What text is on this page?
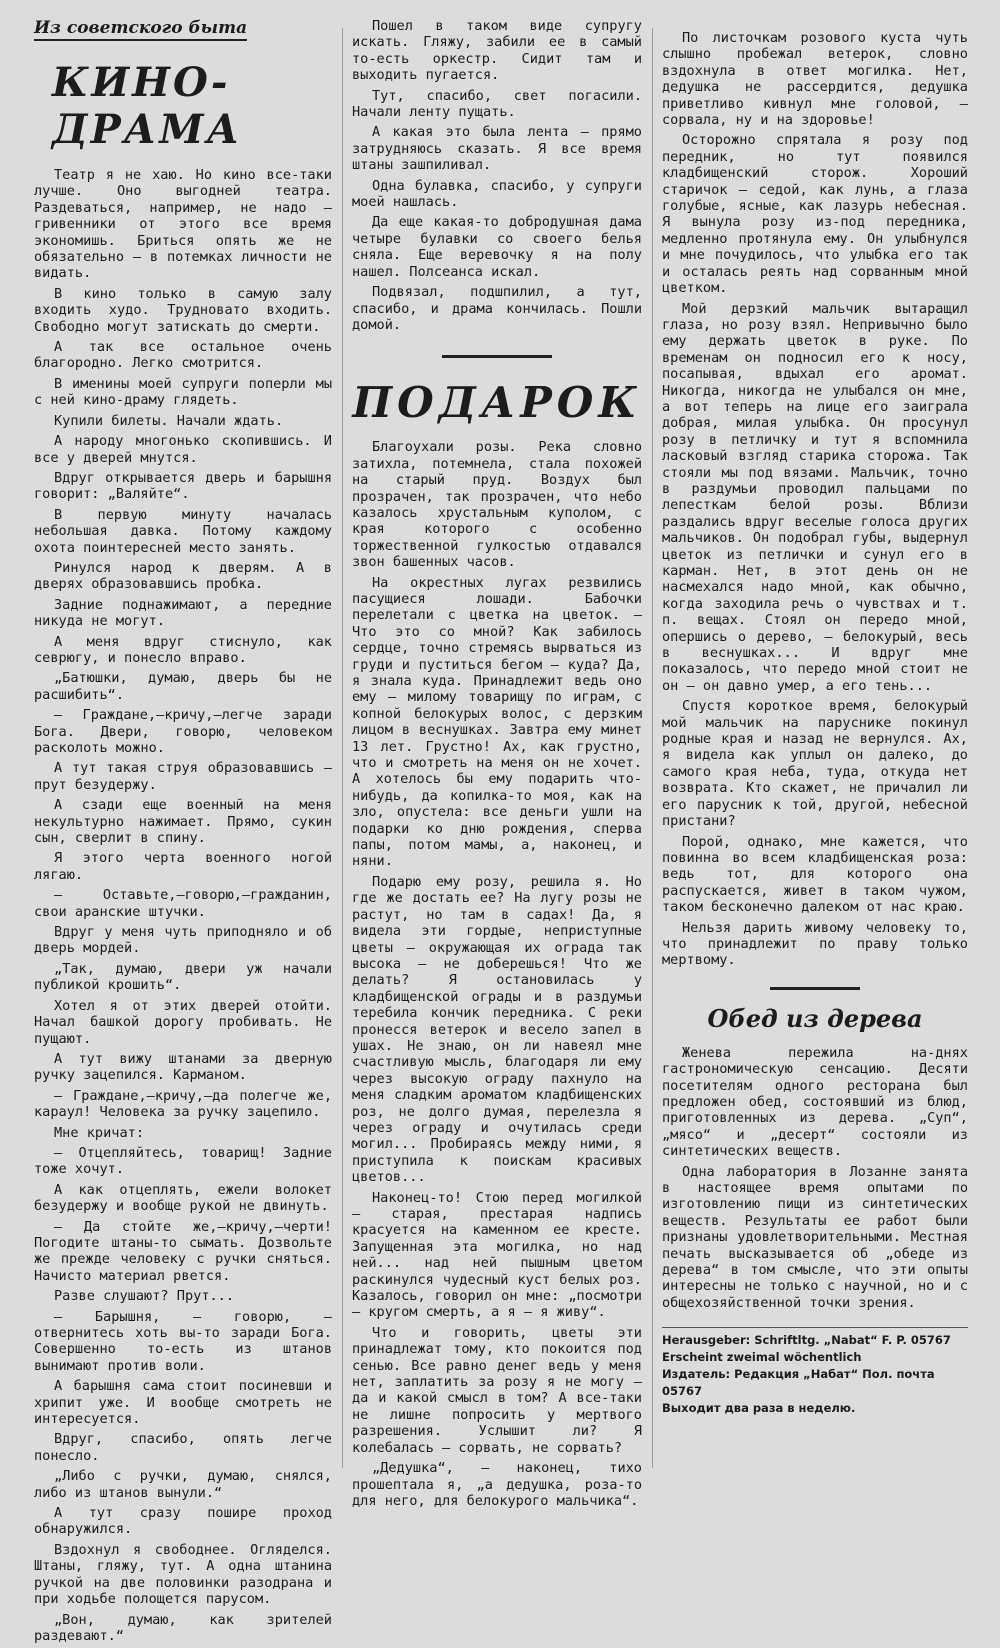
Из советского быта
КИНО-ДРАМА

Театр я не хаю. Но кино все-таки лучше. Оно выгодней театра. Раздеваться, например, не надо — гривенники от этого все время экономишь. Бриться опять же не обязательно — в потемках личности не видать.

В кино только в самую залу входить худо. Трудновато входить. Свободно могут затискать до смерти.

А так все остальное очень благородно. Легко смотрится.

В именины моей супруги поперли мы с ней кино-драму глядеть.

Купили билеты. Начали ждать.

А народу многонько скопившись. И все у дверей мнутся.

Вдруг открывается дверь и барышня говорит: „Валяйте“.

В первую минуту началась небольшая давка. Потому каждому охота поинтересней место занять.

Ринулся народ к дверям. А в дверях образовавшись пробка.

Задние поднажимают, а передние никуда не могут.

А меня вдруг стиснуло, как севрюгу, и понесло вправо.

„Батюшки, думаю, дверь бы не расшибить“.

— Граждане,—кричу,—легче заради Бога. Двери, говорю, человеком расколоть можно.

А тут такая струя образовавшись — прут безудержу.

А сзади еще военный на меня некультурно нажимает. Прямо, сукин сын, сверлит в спину.

Я этого черта военного ногой лягаю.

— Оставьте,—говорю,—гражданин, свои аранские штучки.

Вдруг у меня чуть приподняло и об дверь мордей.

„Так, думаю, двери уж начали публикой крошить“.

Хотел я от этих дверей отойти. Начал башкой дорогу пробивать. Не пущают.

А тут вижу штанами за дверную ручку зацепился. Карманом.

— Граждане,—кричу,—да полегче же, караул! Человека за ручку зацепило.

Мне кричат:

— Отцепляйтесь, товарищ! Задние тоже хочут.

А как отцеплять, ежели волокет безудержу и вообще рукой не двинуть.

— Да стойте же,—кричу,—черти! Погодите штаны-то сымать. Дозвольте же прежде человеку с ручки сняться. Начисто материал рвется.

Разве слушают? Прут...

— Барышня, — говорю, — отвернитесь хоть вы-то заради Бога. Совершенно то-есть из штанов вынимают против воли.

А барышня сама стоит посиневши и хрипит уже. И вообще смотреть не интересуется.

Вдруг, спасибо, опять легче понесло.

„Либо с ручки, думаю, снялся, либо из штанов вынули.“

А тут сразу пошире проход обнаружился.

Вздохнул я свободнее. Огляделся. Штаны, гляжу, тут. А одна штанина ручкой на две половинки разодрана и при ходьбе полощется парусом.

„Вон, думаю, как зрителей раздевают.“

Пошел в таком виде супругу искать. Гляжу, забили ее в самый то-есть оркестр. Сидит там и выходить пугается.

Тут, спасибо, свет погасили. Начали ленту пущать.

А какая это была лента — прямо затрудняюсь сказать. Я все время штаны зашпиливал.

Одна булавка, спасибо, у супруги моей нашлась.

Да еще какая-то добродушная дама четыре булавки со своего белья сняла. Еще веревочку я на полу нашел. Полсеанса искал.

Подвязал, подшпилил, а тут, спасибо, и драма кончилась. Пошли домой.

ПОДАРОК

Благоухали розы. Река словно затихла, потемнела, стала похожей на старый пруд. Воздух был прозрачен, так прозрачен, что небо казалось хрустальным куполом, с края которого с особенно торжественной гулкостью отдавался звон башенных часов.

На окрестных лугах резвились пасущиеся лошади. Бабочки перелетали с цветка на цветок. — Что это со мной? Как забилось сердце, точно стремясь вырваться из груди и пуститься бегом — куда? Да, я знала куда. Принадлежит ведь оно ему — милому товарищу по играм, с копной белокурых волос, с дерзким лицом в веснушках. Завтра ему минет 13 лет. Грустно! Ах, как грустно, что и смотреть на меня он не хочет. А хотелось бы ему подарить что-нибудь, да копилка-то моя, как на зло, опустела: все деньги ушли на подарки ко дню рождения, сперва папы, потом мамы, а, наконец, и няни.

Подарю ему розу, решила я. Но где же достать ее? На лугу розы не растут, но там в садах! Да, я видела эти гордые, неприступные цветы — окружающая их ограда так высока — не доберешься! Что же делать? Я остановилась у кладбищенской ограды и в раздумьи теребила кончик передника. С реки пронесся ветерок и весело запел в ушах. Не знаю, он ли навеял мне счастливую мысль, благодаря ли ему через высокую ограду пахнуло на меня сладким ароматом кладбищенских роз, не долго думая, перелезла я через ограду и очутилась среди могил... Пробираясь между ними, я приступила к поискам красивых цветов...

Наконец-то! Стою перед могилкой — старая, престарая надпись красуется на каменном ее кресте. Запущенная эта могилка, но над ней... над ней пышным цветом раскинулся чудесный куст белых роз. Казалось, говорил он мне: „посмотри — кругом смерть, а я — я живу“.

Что и говорить, цветы эти принадлежат тому, кто покоится под сенью. Все равно денег ведь у меня нет, заплатить за розу я не могу — да и какой смысл в том? А все-таки не лишне попросить у мертвого разрешения. Услышит ли? Я колебалась — сорвать, не сорвать?

„Дедушка“, — наконец, тихо прошептала я, „а дедушка, роза-то для него, для белокурого мальчика“.

По листочкам розового куста чуть слышно пробежал ветерок, словно вздохнула в ответ могилка. Нет, дедушка не рассердится, дедушка приветливо кивнул мне головой, — сорвала, ну и на здоровье!

Осторожно спрятала я розу под передник, но тут появился кладбищенский сторож. Хороший старичок — седой, как лунь, а глаза голубые, ясные, как лазурь небесная. Я вынула розу из-под передника, медленно протянула ему. Он улыбнулся и мне почудилось, что улыбка его так и осталась реять над сорванным мной цветком.

Мой дерзкий мальчик вытаращил глаза, но розу взял. Непривычно было ему держать цветок в руке. По временам он подносил его к носу, посапывая, вдыхал его аромат. Никогда, никогда не улыбался он мне, а вот теперь на лице его заиграла добрая, милая улыбка. Он просунул розу в петличку и тут я вспомнила ласковый взгляд старика сторожа. Так стояли мы под вязами. Мальчик, точно в раздумьи проводил пальцами по лепесткам белой розы. Вблизи раздались вдруг веселые голоса других мальчиков. Он подобрал губы, выдернул цветок из петлички и сунул его в карман. Нет, в этот день он не насмехался надо мной, как обычно, когда заходила речь о чувствах и т. п. вещах. Стоял он передо мной, опершись о дерево, — белокурый, весь в веснушках... И вдруг мне показалось, что передо мной стоит не он — он давно умер, а его тень...

Спустя короткое время, белокурый мой мальчик на паруснике покинул родные края и назад не вернулся. Ах, я видела как уплыл он далеко, до самого края неба, туда, откуда нет возврата. Кто скажет, не причалил ли его парусник к той, другой, небесной пристани?

Порой, однако, мне кажется, что повинна во всем кладбищенская роза: ведь тот, для которого она распускается, живет в таком чужом, таком бесконечно далеком от нас краю.

Нельзя дарить живому человеку то, что принадлежит по праву только мертвому.

Обед из дерева

Женева пережила на-днях гастрономическую сенсацию. Десяти посетителям одного ресторана был предложен обед, состоявший из блюд, приготовленных из дерева. „Суп“, „мясо“ и „десерт“ состояли из синтетических веществ.

Одна лаборатория в Лозанне занята в настоящее время опытами по изготовлению пищи из синтетических веществ. Результаты ее работ были признаны удовлетворительными. Местная печать высказывается об „обеде из дерева“ в том смысле, что эти опыты интересны не только с научной, но и с общехозяйственной точки зрения.

Herausgeber: Schriftltg. „Nabat“ F. P. 05767
Erscheint zweimal wöchentlich
Издатель: Редакция „Набат“ Пол. почта 05767
Выходит два раза в неделю.
